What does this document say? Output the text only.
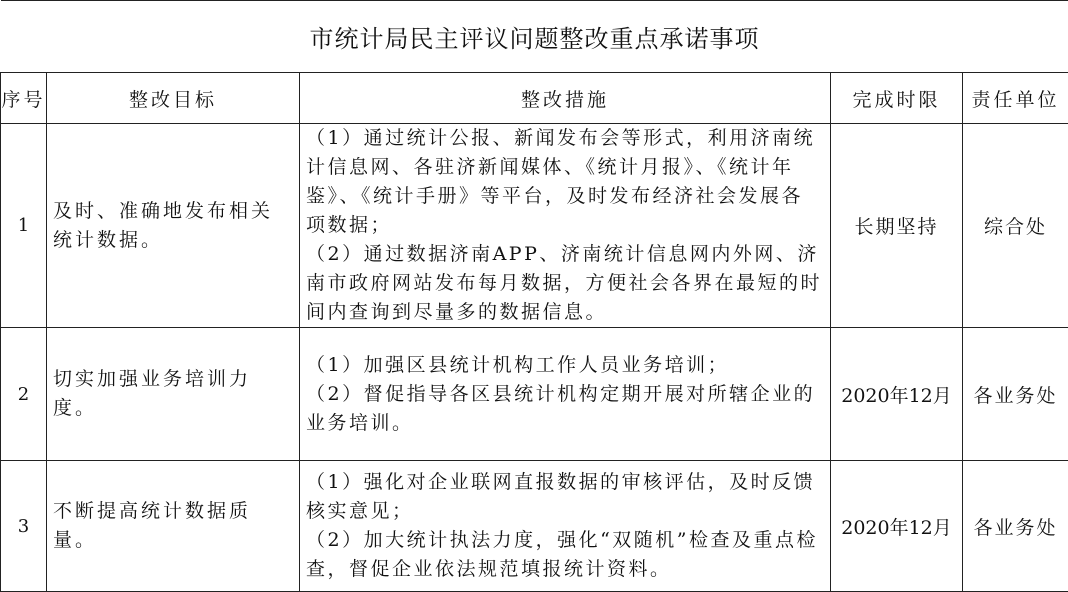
市统计局民主评议问题整改重点承诺事项				
序号	整改目标	整改措施	完成时限	责任单位
1	及时、准确地发布相关统计数据。	（1）通过统计公报、新闻发布会等形式，利用济南统计信息网、各驻济新闻媒体、《统计月报》、《统计年鉴》、《统计手册》等平台，及时发布经济社会发展各项数据；
（2）通过数据济南APP、济南统计信息网内外网、济南市政府网站发布每月数据，方便社会各界在最短的时间内查询到尽量多的数据信息。	长期坚持	综合处
2	切实加强业务培训力度。	（1）加强区县统计机构工作人员业务培训；
（2）督促指导各区县统计机构定期开展对所辖企业的业务培训。	2020年12月	各业务处
3	不断提高统计数据质量。	（1）强化对企业联网直报数据的审核评估，及时反馈核实意见；
（2）加大统计执法力度，强化“双随机”检查及重点检查，督促企业依法规范填报统计资料。	2020年12月	各业务处
